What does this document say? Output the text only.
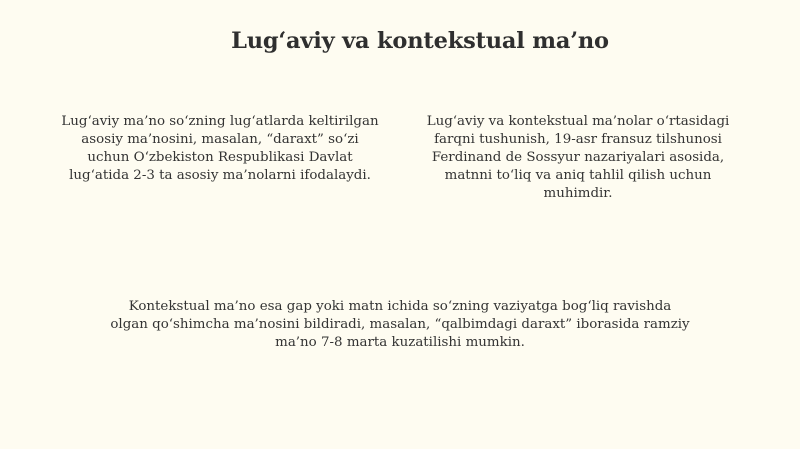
Lug‘aviy va kontekstual ma’no

Lug‘aviy ma’no so‘zning lug‘atlarda keltirilgan asosiy ma’nosini, masalan, “daraxt” so‘zi uchun O‘zbekiston Respublikasi Davlat lug‘atida 2-3 ta asosiy ma’nolarni ifodalaydi.

Lug‘aviy va kontekstual ma’nolar o‘rtasidagi farqni tushunish, 19-asr fransuz tilshunosi Ferdinand de Sossyur nazariyalari asosida, matnni to‘liq va aniq tahlil qilish uchun muhimdir.

Kontekstual ma’no esa gap yoki matn ichida so‘zning vaziyatga bog‘liq ravishda olgan qo‘shimcha ma’nosini bildiradi, masalan, “qalbimdagi daraxt” iborasida ramziy ma’no 7-8 marta kuzatilishi mumkin.
